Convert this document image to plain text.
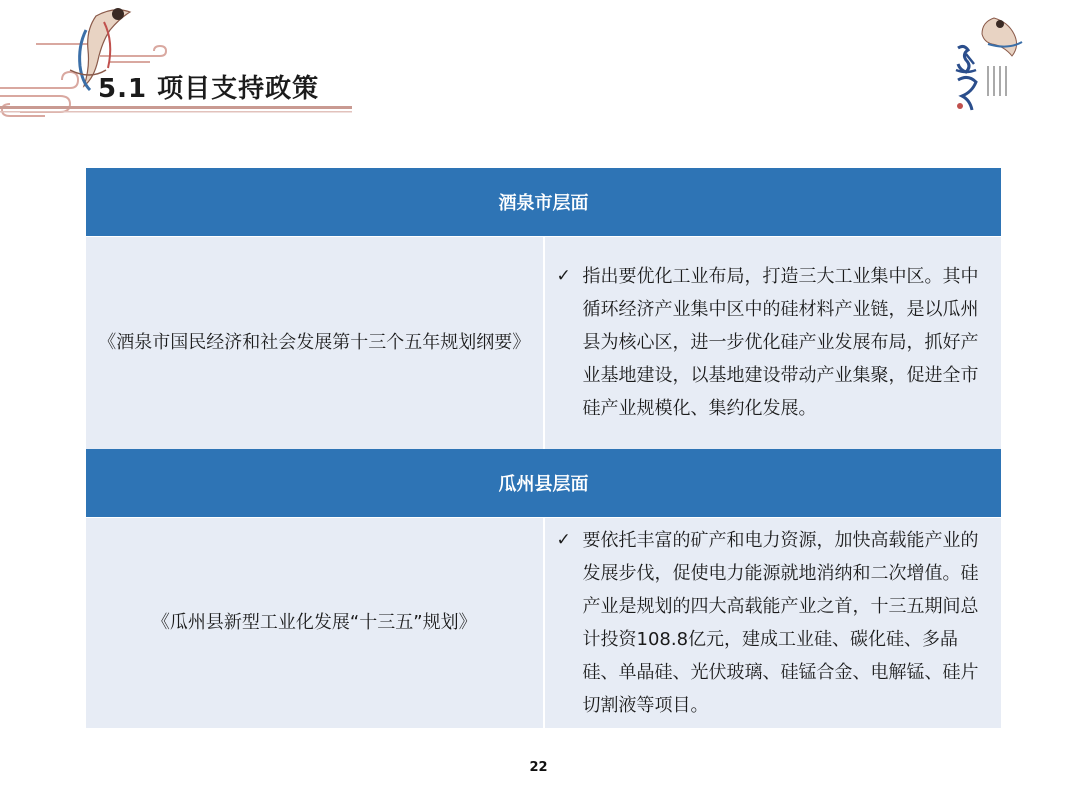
5.1 项目支持政策
酒泉市层面	
《酒泉市国民经济和社会发展第十三个五年规划纲要》	✓ 指出要优化工业布局，打造三大工业集中区。其中循环经济产业集中区中的硅材料产业链，是以瓜州县为核心区，进一步优化硅产业发展布局，抓好产业基地建设，以基地建设带动产业集聚，促进全市硅产业规模化、集约化发展。

瓜州县层面	
《瓜州县新型工业化发展“十三五”规划》	✓ 要依托丰富的矿产和电力资源，加快高载能产业的发展步伐，促使电力能源就地消纳和二次增值。硅产业是规划的四大高载能产业之首，十三五期间总计投资108.8亿元，建成工业硅、碳化硅、多晶硅、单晶硅、光伏玻璃、硅锰合金、电解锰、硅片切割液等项目。
22
